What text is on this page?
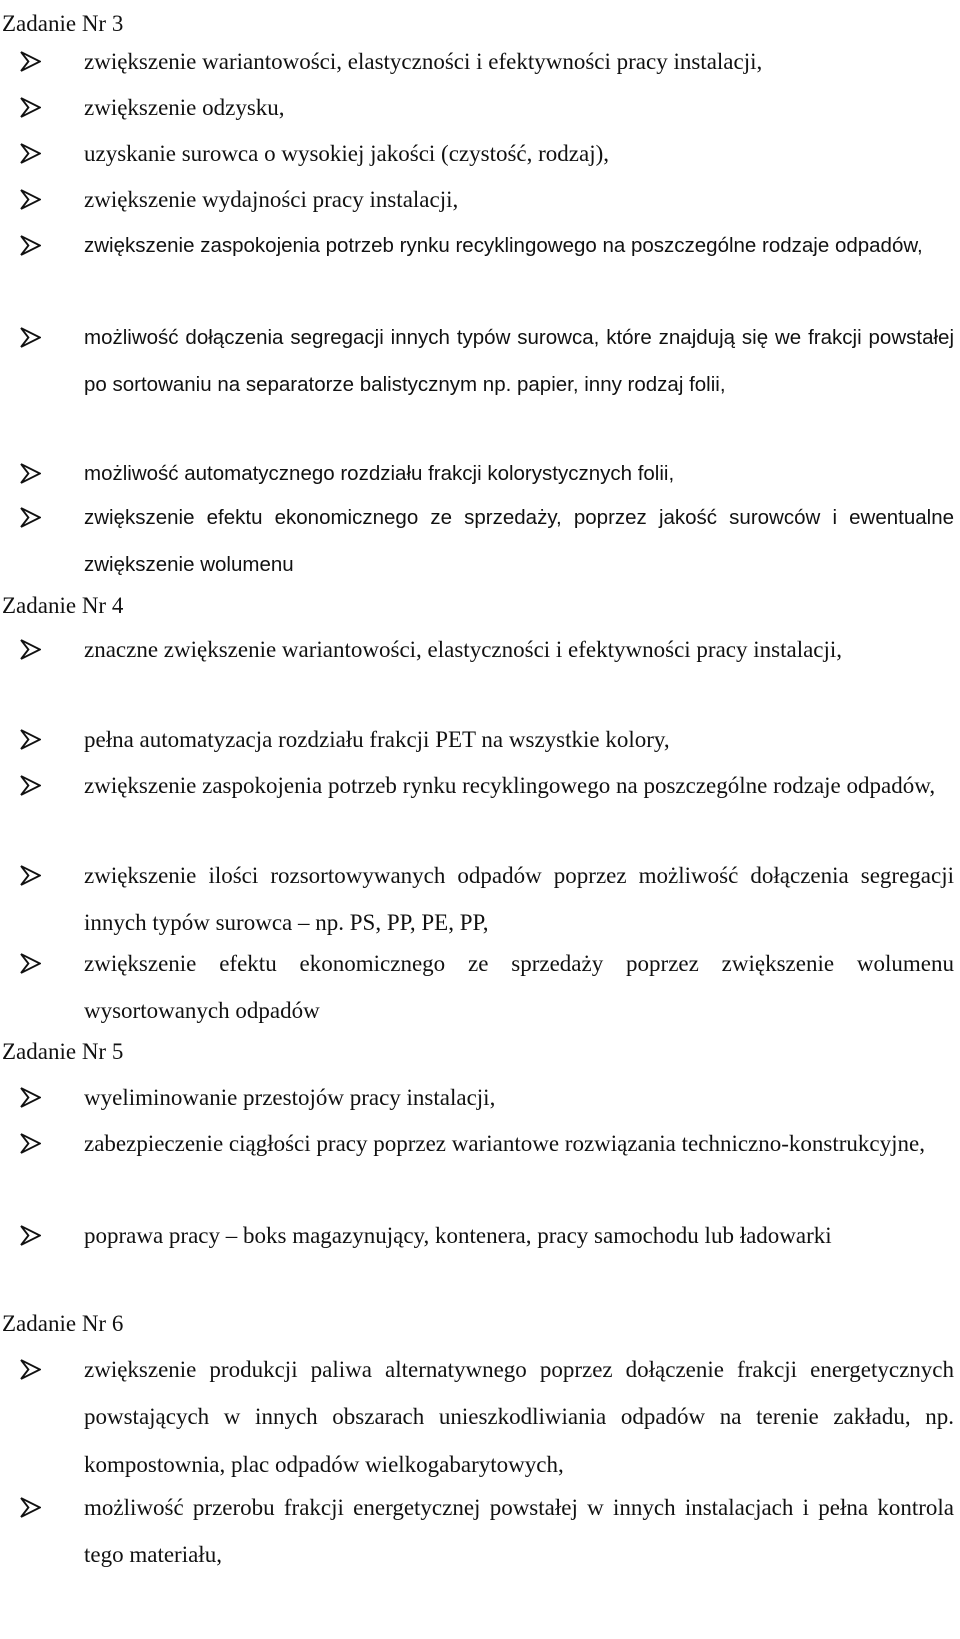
Zadanie Nr 3
zwiększenie wariantowości, elastyczności i efektywności pracy instalacji,
zwiększenie odzysku,
uzyskanie surowca o wysokiej jakości (czystość, rodzaj),
zwiększenie wydajności pracy instalacji,
zwiększenie zaspokojenia potrzeb rynku recyklingowego na poszczególne rodzaje odpadów,
możliwość dołączenia segregacji innych typów surowca, które znajdują się we frakcji powstałej po sortowaniu na separatorze balistycznym np. papier, inny rodzaj folii,
możliwość automatycznego rozdziału frakcji kolorystycznych folii,
zwiększenie efektu ekonomicznego ze sprzedaży, poprzez jakość surowców i ewentualne zwiększenie wolumenu
Zadanie Nr 4
znaczne zwiększenie wariantowości, elastyczności i efektywności pracy instalacji,
pełna automatyzacja rozdziału frakcji PET na wszystkie kolory,
zwiększenie zaspokojenia potrzeb rynku recyklingowego na poszczególne rodzaje odpadów,
zwiększenie ilości rozsortowywanych odpadów poprzez możliwość dołączenia segregacji innych typów surowca – np. PS, PP, PE, PP,
zwiększenie efektu ekonomicznego ze sprzedaży poprzez zwiększenie wolumenu wysortowanych odpadów
Zadanie Nr 5
wyeliminowanie przestojów pracy instalacji,
zabezpieczenie ciągłości pracy poprzez wariantowe rozwiązania techniczno-konstrukcyjne,
poprawa pracy – boks magazynujący, kontenera, pracy samochodu lub ładowarki
Zadanie Nr 6
zwiększenie produkcji paliwa alternatywnego poprzez dołączenie frakcji energetycznych powstających w innych obszarach unieszkodliwiania odpadów na terenie zakładu, np. kompostownia, plac odpadów wielkogabarytowych,
możliwość przerobu frakcji energetycznej powstałej w innych instalacjach i pełna kontrola tego materiału,
